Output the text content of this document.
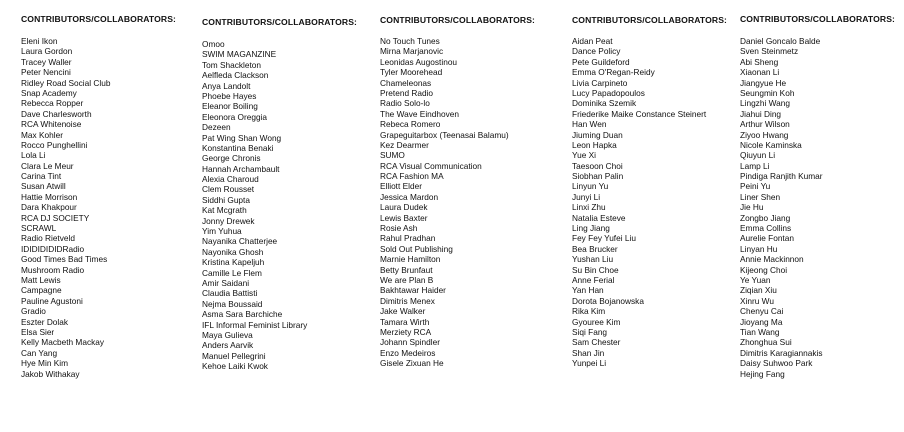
CONTRIBUTORS/COLLABORATORS:
Eleni Ikon
Laura Gordon
Tracey Waller
Peter Nencini
Ridley Road Social Club
Snap Academy
Rebecca Ropper
Dave Charlesworth
RCA Whitenoise
Max Kohler
Rocco Punghellini
Lola Li
Clara Le Meur
Carina Tint
Susan Atwill
Hattie Morrison
Dara Khakpour
RCA DJ SOCIETY
SCRAWL
Radio Rietveld
IDIDIDIDIDRadio
Good Times Bad Times
Mushroom Radio
Matt Lewis
Campagne
Pauline Agustoni
Gradio
Eszter Dolak
Elsa Sier
Kelly Macbeth Mackay
Can Yang
Hye Min Kim
Jakob Withakay
CONTRIBUTORS/COLLABORATORS:
Omoo
SWIM MAGANZINE
Tom Shackleton
Aelfleda Clackson
Anya Landolt
Phoebe Hayes
Eleanor Boiling
Eleonora Oreggia
Dezeen
Pat Wing Shan Wong
Konstantina Benaki
George Chronis
Hannah Archambault
Alexia Charoud
Clem Rousset
Siddhi Gupta
Kat Mcgrath
Jonny Drewek
Yim Yuhua
Nayanika Chatterjee
Nayonika Ghosh
Kristina Kapeljuh
Camille Le Flem
Amir Saidani
Claudia Battisti
Nejma Boussaid
Asma Sara Barchiche
IFL Informal Feminist Library
Maya Gulieva
Anders Aarvik
Manuel Pellegrini
Kehoe Laiki Kwok
CONTRIBUTORS/COLLABORATORS:
No Touch Tunes
Mirna Marjanovic
Leonidas Augostinou
Tyler Moorehead
Chameleonas
Pretend Radio
Radio Solo-lo
The Wave Eindhoven
Rebeca Romero
Grapeguitarbox (Teenasai Balamu)
Kez Dearmer
SUMO
RCA Visual Communication
RCA Fashion MA
Elliott Elder
Jessica Mardon
Laura Dudek
Lewis Baxter
Rosie Ash
Rahul Pradhan
Sold Out Publishing
Marnie Hamilton
Betty Brunfaut
We are Plan B
Bakhtawar Haider
Dimitris Menex
Jake Walker
Tamara Wirth
Merziety RCA
Johann Spindler
Enzo Medeiros
Gisele Zixuan He
CONTRIBUTORS/COLLABORATORS:
Aidan Peat
Dance Policy
Pete Guildeford
Emma O'Regan-Reidy
Livia Carpineto
Lucy Papadopoulos
Dominika Szemik
Friederike Maike Constance Steinert
Han Wen
Jiuming Duan
Leon Hapka
Yue Xi
Taesoon Choi
Siobhan Palin
Linyun Yu
Junyi Li
Linxi Zhu
Natalia Esteve
Ling Jiang
Fey Fey Yufei Liu
Bea Brucker
Yushan Liu
Su Bin Choe
Anne Ferial
Yan Han
Dorota Bojanowska
Rika Kim
Gyouree Kim
Siqi Fang
Sam Chester
Shan Jin
Yunpei Li
CONTRIBUTORS/COLLABORATORS:
Daniel Goncalo Balde
Sven Steinmetz
Abi Sheng
Xiaonan Li
Jiangyue He
Seungmin Koh
Lingzhi Wang
Jiahui Ding
Arthur Wilson
Ziyoo Hwang
Nicole Kaminska
Qiuyun Li
Lamp Li
Pindiga Ranjith Kumar
Peini Yu
Liner Shen
Jie Hu
Zongbo Jiang
Emma Collins
Aurelie Fontan
Linyan Hu
Annie Mackinnon
Kijeong Choi
Ye Yuan
Ziqian Xiu
Xinru Wu
Chenyu Cai
Jioyang Ma
Tian Wang
Zhonghua Sui
Dimitris Karagiannakis
Daisy Suhwoo Park
Hejing Fang
